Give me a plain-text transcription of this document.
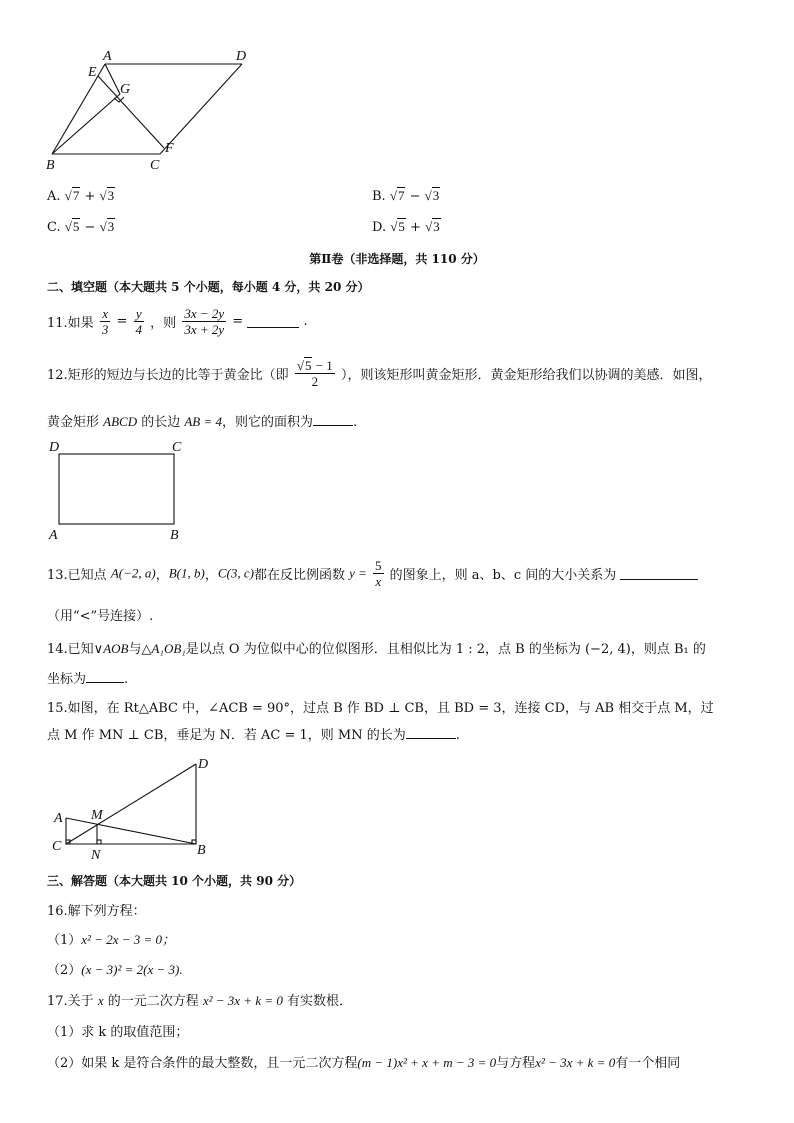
A	D
E
G
B	C
F
A. √7 + √3	B. √7 − √3
C. √5 − √3	D. √5 + √3
第Ⅱ卷（非选择题，共 110 分）
二、填空题（本大题共 5 个小题，每小题 4 分，共 20 分）
11.如果 $\frac{x}{3} = \frac{y}{4}$ ，则 $\frac{3x - 2y}{3x + 2y}$ =	.
12.矩形的短边与长边的比等于黄金比（即 $\frac{√5 - 1}{2}$ ），则该矩形叫黄金矩形．黄金矩形给我们以协调的美感．如图，
黄金矩形 ABCD 的长边 AB = 4，则它的面积为	.
D	C
A	B
13.已知点 A(−2, a)，B(1, b)，C(3, c)都在反比例函数 $y = \frac{5}{x}$ 的图象上，则 a、b、c 间的大小关系为
（用“<”号连接）.
14.已知∨AOB与△A₁OB₁是以点 O 为位似中心的位似图形．且相似比为 1 : 2，点 B 的坐标为 (−2, 4)，则点 B₁ 的
坐标为	.
15.如图，在 Rt△ABC 中，∠ACB = 90°，过点 B 作 BD ⊥ CB，且 BD = 3，连接 CD，与 AB 相交于点 M，过
点 M 作 MN ⊥ CB，垂足为 N．若 AC = 1，则 MN 的长为	.
D
A M
C
N	B
三、解答题（本大题共 10 个小题，共 90 分）
16.解下列方程：
（1）x² − 2x − 3 = 0；
（2）(x − 3)² = 2(x − 3).
17.关于 x 的一元二次方程 x² − 3x + k = 0 有实数根．
（1）求 k 的取值范围；
（2）如果 k 是符合条件的最大整数，且一元二次方程(m − 1)x² + x + m − 3 = 0与方程x² − 3x + k = 0有一个相同
